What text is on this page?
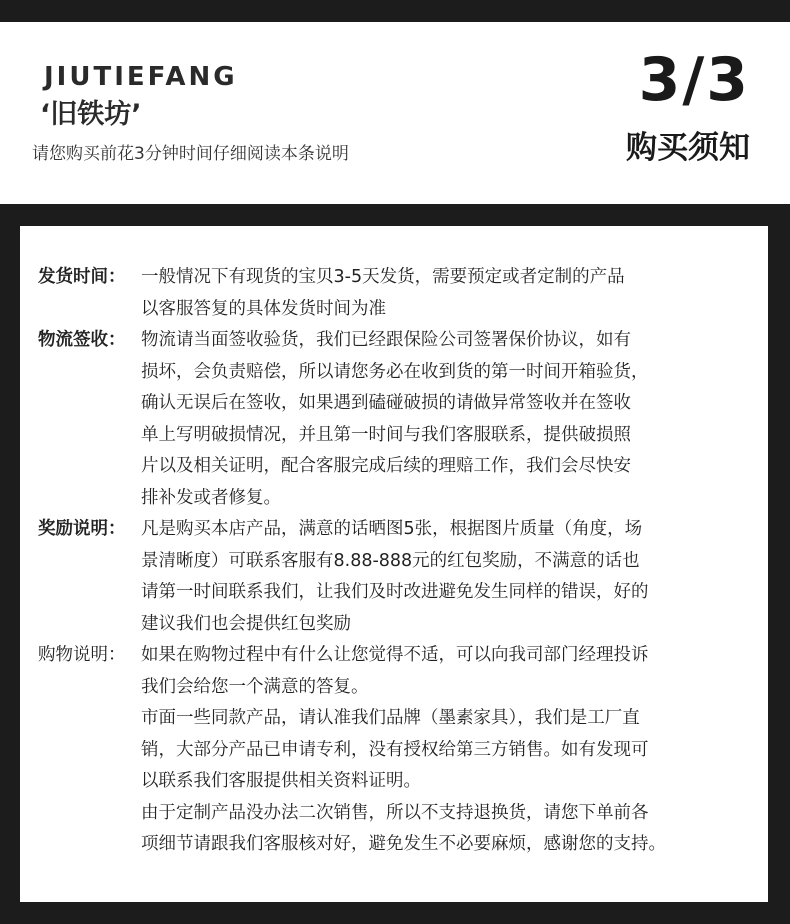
JIUTIEFANG
‘旧铁坊’
请您购买前花3分钟时间仔细阅读本条说明
3/3
购买须知
发货时间： 一般情况下有现货的宝贝3-5天发货，需要预定或者定制的产品
以客服答复的具体发货时间为准
物流签收： 物流请当面签收验货，我们已经跟保险公司签署保价协议，如有
损坏，会负责赔偿，所以请您务必在收到货的第一时间开箱验货，
确认无误后在签收，如果遇到磕碰破损的请做异常签收并在签收
单上写明破损情况，并且第一时间与我们客服联系，提供破损照
片以及相关证明，配合客服完成后续的理赔工作，我们会尽快安
排补发或者修复。
奖励说明： 凡是购买本店产品，满意的话晒图5张，根据图片质量（角度，场
景清晰度）可联系客服有8.88-888元的红包奖励，不满意的话也
请第一时间联系我们，让我们及时改进避免发生同样的错误，好的
建议我们也会提供红包奖励
购物说明： 如果在购物过程中有什么让您觉得不适，可以向我司部门经理投诉
我们会给您一个满意的答复。
市面一些同款产品，请认准我们品牌（墨素家具），我们是工厂直
销，大部分产品已申请专利，没有授权给第三方销售。如有发现可
以联系我们客服提供相关资料证明。
由于定制产品没办法二次销售，所以不支持退换货，请您下单前各
项细节请跟我们客服核对好，避免发生不必要麻烦，感谢您的支持。
